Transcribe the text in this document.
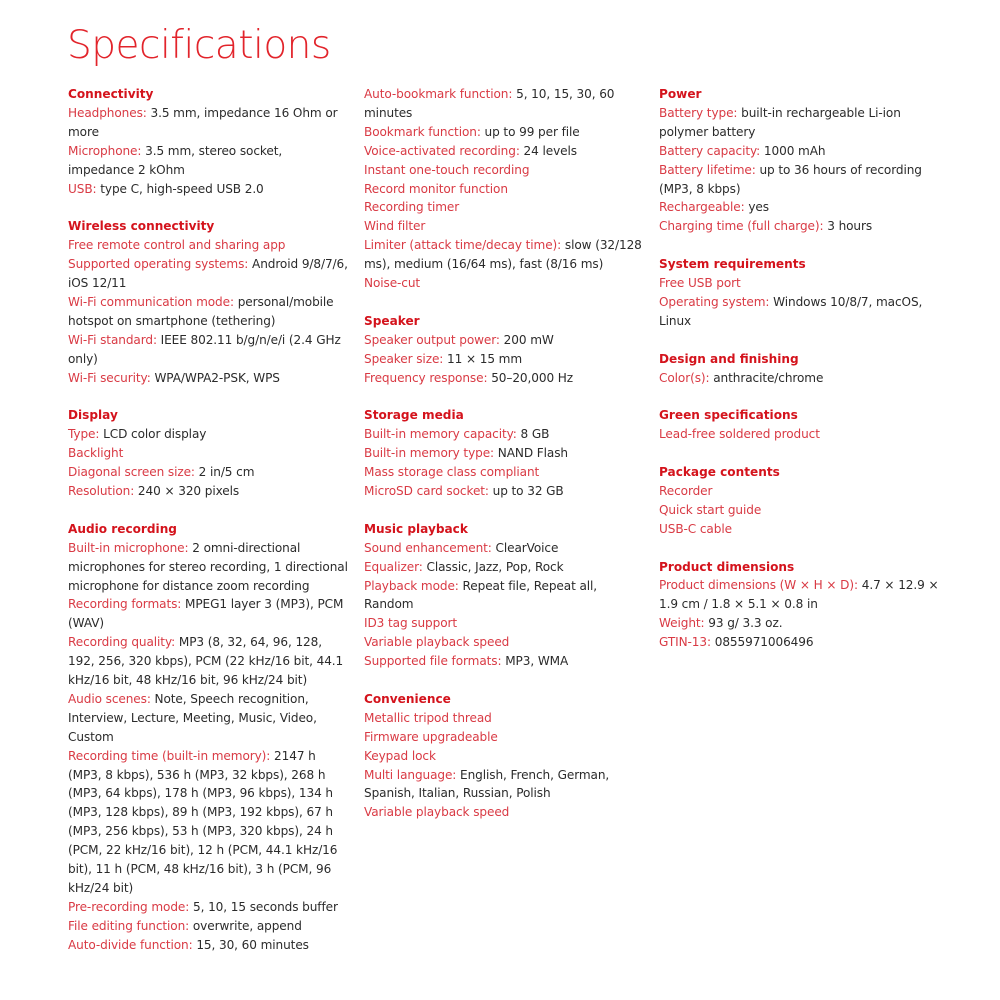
Specifications
Connectivity
Headphones: 3.5 mm, impedance 16 Ohm or more
Microphone: 3.5 mm, stereo socket, impedance 2 kOhm
USB: type C, high-speed USB 2.0
Wireless connectivity
Free remote control and sharing app
Supported operating systems: Android 9/8/7/6, iOS 12/11
Wi-Fi communication mode: personal/mobile hotspot on smartphone (tethering)
Wi-Fi standard: IEEE 802.11 b/g/n/e/i (2.4 GHz only)
Wi-Fi security: WPA/WPA2-PSK, WPS
Display
Type: LCD color display
Backlight
Diagonal screen size: 2 in/5 cm
Resolution: 240 × 320 pixels
Audio recording
Built-in microphone: 2 omni-directional microphones for stereo recording, 1 directional microphone for distance zoom recording
Recording formats: MPEG1 layer 3 (MP3), PCM (WAV)
Recording quality: MP3 (8, 32, 64, 96, 128, 192, 256, 320 kbps), PCM (22 kHz/16 bit, 44.1 kHz/16 bit, 48 kHz/16 bit, 96 kHz/24 bit)
Audio scenes: Note, Speech recognition, Interview, Lecture, Meeting, Music, Video, Custom
Recording time (built-in memory): 2147 h (MP3, 8 kbps), 536 h (MP3, 32 kbps), 268 h (MP3, 64 kbps), 178 h (MP3, 96 kbps), 134 h (MP3, 128 kbps), 89 h (MP3, 192 kbps), 67 h (MP3, 256 kbps), 53 h (MP3, 320 kbps), 24 h (PCM, 22 kHz/16 bit), 12 h (PCM, 44.1 kHz/16 bit), 11 h (PCM, 48 kHz/16 bit), 3 h (PCM, 96 kHz/24 bit)
Pre-recording mode: 5, 10, 15 seconds buffer
File editing function: overwrite, append
Auto-divide function: 15, 30, 60 minutes
Auto-bookmark function: 5, 10, 15, 30, 60 minutes
Bookmark function: up to 99 per file
Voice-activated recording: 24 levels
Instant one-touch recording
Record monitor function
Recording timer
Wind filter
Limiter (attack time/decay time): slow (32/128 ms), medium (16/64 ms), fast (8/16 ms)
Noise-cut
Speaker
Speaker output power: 200 mW
Speaker size: 11 × 15 mm
Frequency response: 50–20,000 Hz
Storage media
Built-in memory capacity: 8 GB
Built-in memory type: NAND Flash
Mass storage class compliant
MicroSD card socket: up to 32 GB
Music playback
Sound enhancement: ClearVoice
Equalizer: Classic, Jazz, Pop, Rock
Playback mode: Repeat file, Repeat all, Random
ID3 tag support
Variable playback speed
Supported file formats: MP3, WMA
Convenience
Metallic tripod thread
Firmware upgradeable
Keypad lock
Multi language: English, French, German, Spanish, Italian, Russian, Polish
Variable playback speed
Power
Battery type: built-in rechargeable Li-ion polymer battery
Battery capacity: 1000 mAh
Battery lifetime: up to 36 hours of recording (MP3, 8 kbps)
Rechargeable: yes
Charging time (full charge): 3 hours
System requirements
Free USB port
Operating system: Windows 10/8/7, macOS, Linux
Design and finishing
Color(s): anthracite/chrome
Green specifications
Lead-free soldered product
Package contents
Recorder
Quick start guide
USB-C cable
Product dimensions
Product dimensions (W × H × D): 4.7 × 12.9 × 1.9 cm / 1.8 × 5.1 × 0.8 in
Weight: 93 g/ 3.3 oz.
GTIN-13: 0855971006496
